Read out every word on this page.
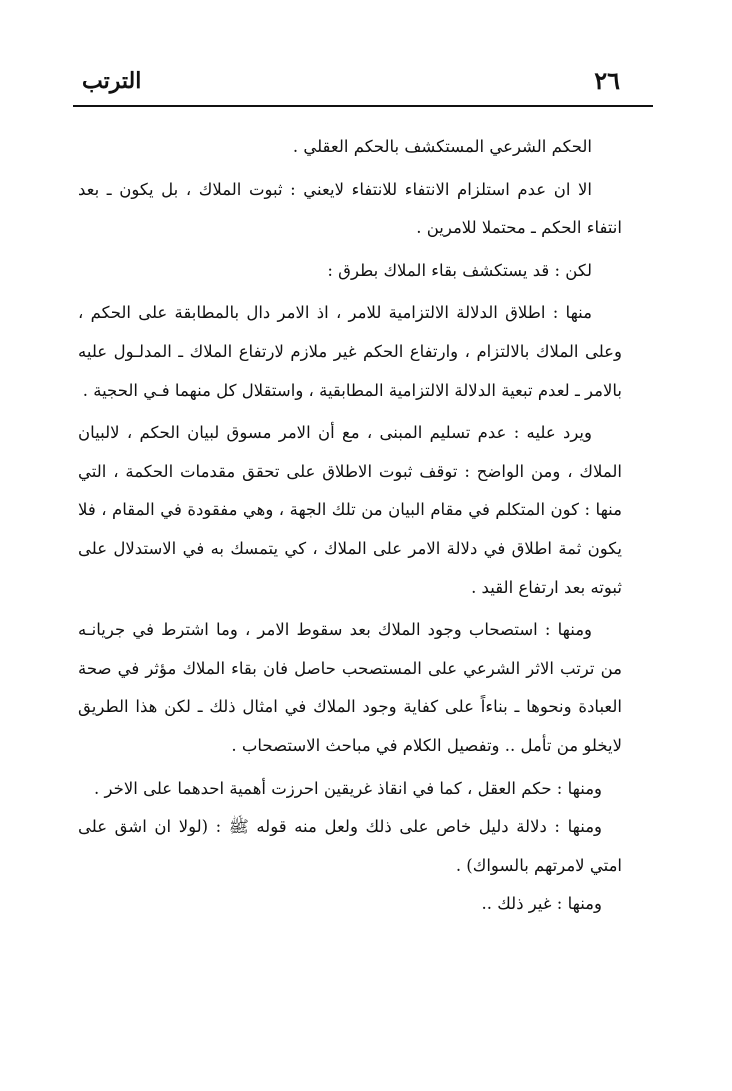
٢٦
الترتب

الحكم الشرعي المستكشف بالحكم العقلي .

الا ان عدم استلزام الانتفاء للانتفاء لايعني : ثبوت الملاك ، بل يكون ـ بعد انتفاء الحكم ـ محتملا للامرين .

لكن : قد يستكشف بقاء الملاك بطرق :

منها : اطلاق الدلالة الالتزامية للامر ، اذ الامر دال بالمطابقة على الحكم ، وعلى الملاك بالالتزام ، وارتفاع الحكم غير ملازم لارتفاع الملاك ـ المدلـول عليه بالامر ـ لعدم تبعية الدلالة الالتزامية المطابقية ، واستقلال كل منهما فـي الحجية .

ويرد عليه : عدم تسليم المبنى ، مع أن الامر مسوق لبيان الحكم ، لالبيان الملاك ، ومن الواضح : توقف ثبوت الاطلاق على تحقق مقدمات الحكمة ، التي منها : كون المتكلم في مقام البيان من تلك الجهة ، وهي مفقودة في المقام ، فلا يكون ثمة اطلاق في دلالة الامر على الملاك ، كي يتمسك به في الاستدلال على ثبوته بعد ارتفاع القيد .

ومنها : استصحاب وجود الملاك بعد سقوط الامر ، وما اشترط في جريانـه من ترتب الاثر الشرعي على المستصحب حاصل فان بقاء الملاك مؤثر في صحة العبادة ونحوها ـ بناءاً على كفاية وجود الملاك في امثال ذلك ـ لكن هذا الطريق لايخلو من تأمل .. وتفصيل الكلام في مباحث الاستصحاب .

ومنها : حكم العقل ، كما في انقاذ غريقين احرزت أهمية احدهما على الاخر .

ومنها : دلالة دليل خاص على ذلك ولعل منه قوله ﷺ : (لولا ان اشق على امتي لامرتهم بالسواك) .

ومنها : غير ذلك ..
